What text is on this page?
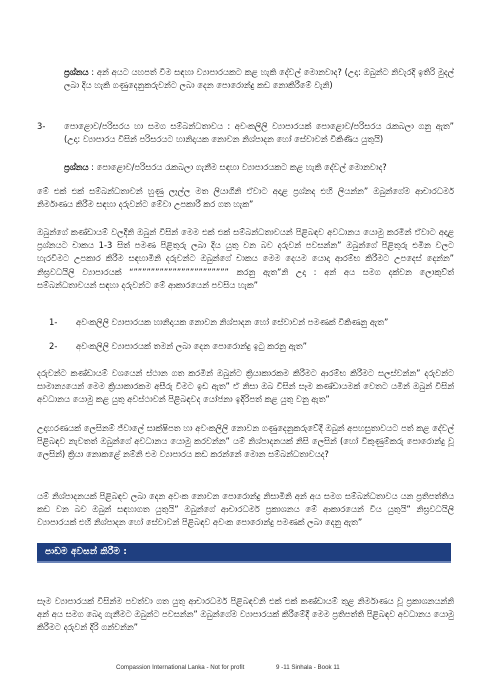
ප්‍රශ්නය : අන් අයට යහපත් වීම සඳහා ව්‍යාපාරයකට කළ හැකි දේවල් මොනවාද? (උදා: ඔබුන්ට නිවැරදි ඉතිරි මුදල් ලබා දිය හැකි ගණුදෙනුකරුවන්ට ලබා දෙන පොරොන්දු කඩ නොකිරීමේ වැනි)

3- පොළොව/පරිසරය හා සමග සම්බන්ධතාවය : අවංකලිලි ව්‍යාපාරයක් පොළොව/පරිසරය රැකබලා ගනු ඇත” (උදා: ව්‍යාපාරය විසින් පරිසරයට හානිදායක නොවන නිශ්පාදන හෝ සේවාවන් විකිණිය යුතුයි)

ප්‍රශ්නය : පොළොව/පරිසරය රැකබලා ගැනීම සඳහා ව්‍යාපාරයකට කළ හැකි දේවල් මොනවාද?

මේ එක් එක් සම්බන්ධතාවන් හුණු ලෑල්ල මත ලියාගිනි ඒවාට අදාළ ප්‍රශ්නද එහි ලියන්න” ඔබුන්ගේම ආචාරධර්ම නිර්මාණය කිරීම සඳහා දරුවන්ට මේවා උපකාරී කර ගත හැක”

ඔබුන්ගේ කණ්ඩායම් වලදීනි ඔබුන් විසින් මෙම එක් එක් සම්බන්ධතාවයන් පිළිබඳව අවධානය යොමු කරමින් ඒවාට අදාළ ප්‍රශ්නයට චාකය 1-3 සිත් පමණ පිළිතුරු ලබා දිය යුතු වන බව දරුවන් පවසන්න” ඔබුන්ගේ පිළිතුරු එමින වලට හැරවීමට උපකාර කිරීම සඳහාමිනි දරුවන්ට ඔබුන්ගේ චාකය මෙම දෙයම යොදා ආරම්භ කිරීමට උපදෙස් දෙන්න” නිඝ්‍රවධයිලි ව්‍යාපාරයක් “”””””””””””””””””””””” කරනු ඇත”නි උදා : අන් අය සමග දක්වන ලොකුව්ත් සම්බන්ධතාවයන් සඳහා දරුවන්ට මේ ආකාරයෙන් පවසිය හැක”

1- අවංකලිලි ව්‍යාපාරයක හානිදායක නොවන නිශ්පාදන හෝ සේවාවන් පමණක් විකිණනු ඇත”

2- අවංකලිලි ව්‍යාපාරයක් තමන් ලබා දෙන පොරොන්දු ඉටු කරනු ඇත”

දරුවන්ට කණ්ඩායම් වශයෙන් ස්ථාන ගත කරමින් ඔබුන්ට ක්‍රියාකාරකම කිරීමට ආරම්භ කිරීමට සලස්වන්න” දරුවන්ට සාමාන්‍යයෙන් මෙම ක්‍රියාකාරකම අසීරු වීමට ඉඩ ඇත” ඒ නිසා ඔබ විසින් සෑම කණ්ඩායමක් වෙතට යමින් ඔබුන් විසින් අවධානය යොමු කළ යුතු අවස්ථාවන් පිළිබඳවද යෝජනා ඉදිරිපත් කළ යුතු වනු ඇත”

උදාහරණයක් ලෙසිනම් ජ්වාලේ සාක්ෂිපත හා අවංකලිලි නොවන ගණුදෙනුකරුවේදී ඔබුන් අපහසුතාවයට පත් කළ දේවල් පිළිබඳව නැවතත් ඔබුන්ගේ අවධානය යොමු කරවන්න” යම් නිශ්පාදනයක් නිසි ලෙසින් (හෝ විකුණුම්කරු පොරොන්දු වූ ලෙසින්) ක්‍රියා නොකළේ නම්නි එම ව්‍යාපාරය කඩ කරන්නේ මොන සම්බන්ධතාවයද?

යම් නිශ්පාදනයක් පිළිබඳව ලබා දෙන අවංක නොවන පොරොන්දු නිසාමිනි අන් අය සමග සම්බන්ධතාවය යන ප්‍රතිපත්තිය කඩ වන බව ඔබුන් සඳහාගත යුතුයි” ඔබුන්ගේ ආචාරධර්ම ප්‍රකාශනය මේ ආකාරයෙන් විය යුතුයි” නිඝ්‍රවධයිලි ව්‍යාපාරයක් එහි නිශ්පාදන හෝ සේවාවන් පිළිබඳව අවංක පොරොන්දු පමණක් ලබා දෙනු ඇත”

පාඩම අවසන් කිරීම :

සෑම ව්‍යාපාරයක් විසින්ම පවත්වා ගත යුතු ආචාරධර්ම පිළිබඳවනි එක් එක් කණ්ඩායම් තුළ නිර්මාණය වූ ප්‍රකාශනයන්නි අන් අය සමග බෙදා ගැනීමට ඔබුන්ට පවසන්න” ඔබුන්ගේම ව්‍යාපාරයක් කිරීමේදී මෙම ප්‍රතිපත්ති පිළිබඳව අවධානය යොමු කිරීමට දරුවන් දිරි ගන්වන්න”

Compassion International Lanka - Not for profit	9 -11 Sinhala - Book 11
